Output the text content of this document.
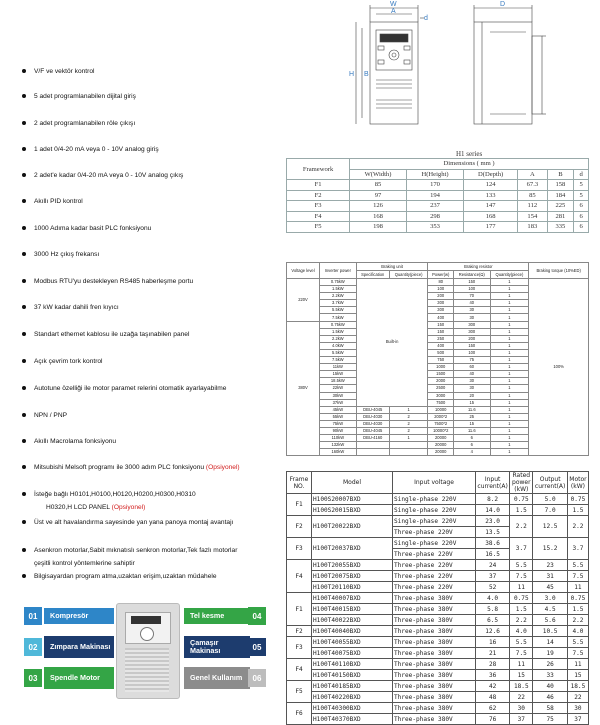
V/F ve vektör kontrol
5 adet programlanabilen dijital giriş
2 adet programlanabilen röle çıkışı
1 adet 0/4-20 mA veya 0 - 10V analog giriş
2 adet'e kadar 0/4-20 mA veya 0 - 10V analog çıkış
Akıllı PID kontrol
1000 Adıma kadar basit PLC fonksiyonu
3000 Hz çıkış frekansı
Modbus RTU'yu destekleyen RS485 haberleşme portu
37 kW kadar dahili fren kıyıcı
Standart ethernet kablosu ile uzağa taşınabilen panel
Açık çevrim tork kontrol
Autotune özelliği ile motor paramet relerini otomatik ayarlayabilme
NPN / PNP
Akıllı Macrolama fonksiyonu
Mitsubishi Melsoft programı ile 3000 adım PLC fonksiyonu (Opsiyonel)
İsteğe bağlı H0101,H0100,H0120,H0200,H0300,H0310
H0320,H LCD PANEL (Opsiyonel)
Üst ve alt havalandırma sayesinde yan yana panoya montaj avantajı
Asenkron motorlar,Sabit mıknatıslı senkron motorlar,Tek fazlı motorlar
çeşitli kontrol yöntemlerine sahiptir
Bilgisayardan program atma,uzaktan erişim,uzaktan müdahele
W
A
d
D
H B
	H1 series					
Framework	Dimensions ( mm )					
	W(Width)	H(Height)	D(Depth)	A	B	d
F1	85	170	124	67.3	158	5
F2	97	194	133	85	184	5
F3	126	237	147	112	225	6
F4	168	298	168	154	281	6
F5	198	353	177	183	335	6
Voltage level	Inverter power	Braking unit		Braking resistor			Braking torque (10%ED)
		Specification	Quantity(piece)	Power(w)	Resistance(Ω)	Quantity(piece)	
220V	0.75kW	Built-in		80	150	1	100%
	1.5kW			100	100	1	
	2.2kW			200	70	1	
	3.7kW			300	40	1	
	5.5kW			300	30	1	
	7.5kW			400	30	1	
380V	0.75kW			150	300	1	
	1.5kW			150	300	1	
	2.2kW			250	200	1	
	4.0kW			400	150	1	
	5.5kW			500	100	1	
	7.5kW			750	75	1	
	11kW			1000	60	1	
	15kW			1500	40	1	
	18.5kW			2000	30	1	
	22kW			2500	30	1	
	30kW			3000	20	1	
	37kW			7500	15	1	
	45kW	DBU-4045	1	10000	11.6	1	
	55kW	DBU-4030	2	2000*2	25	1	
	75kW	DBU-4030	2	7500*2	15	1	
	90kW	DBU-4045	2	10000*2	11.6	1	
	110kW	DBU-4160	1	20000	6	1	
	132kW			20000	6	1	
	160kW			20000	4	1	
Frame NO.	Model	Input voltage	Input current(A)	Rated power (kW)	Output current(A)	Motor (kW)
F1	H100S20007BXD	Single-phase 220V	8.2	0.75	5.0	0.75
	H100S20015BXD	Single-phase 220V	14.0	1.5	7.0	1.5
F2	H100T20022BXD	Single-phase 220V	23.0	2.2	12.5	2.2
		Three-phase 220V	13.5			
F3	H100T20037BXD	Single-phase 220V	38.6	3.7	15.2	3.7
		Three-phase 220V	16.5			
F4	H100T20055BXD	Three-phase 220V	24	5.5	23	5.5
	H100T20075BXD	Three-phase 220V	37	7.5	31	7.5
	H100T20110BXD	Three-phase 220V	52	11	45	11
F1	H100T40007BXD	Three-phase 380V	4.0	0.75	3.0	0.75
	H100T40015BXD	Three-phase 380V	5.8	1.5	4.5	1.5
	H100T40022BXD	Three-phase 380V	6.5	2.2	5.6	2.2
F2	H100T40040BXD	Three-phase 380V	12.6	4.0	10.5	4.0
F3	H100T40055BXD	Three-phase 380V	16	5.5	14	5.5
	H100T40075BXD	Three-phase 380V	21	7.5	19	7.5
F4	H100T40110BXD	Three-phase 380V	28	11	26	11
	H100T40150BXD	Three-phase 380V	36	15	33	15
F5	H100T40185BXD	Three-phase 380V	42	18.5	40	18.5
	H100T40220BXD	Three-phase 380V	48	22	46	22
F6	H100T40300BXD	Three-phase 380V	62	30	58	30
	H100T40370BXD	Three-phase 380V	76	37	75	37
01	Kompresör
02	Zımpara Makinası
03	Spendle Motor
Tel kesme	04
Çamaşır Makinası	05
Genel Kullanım	06
